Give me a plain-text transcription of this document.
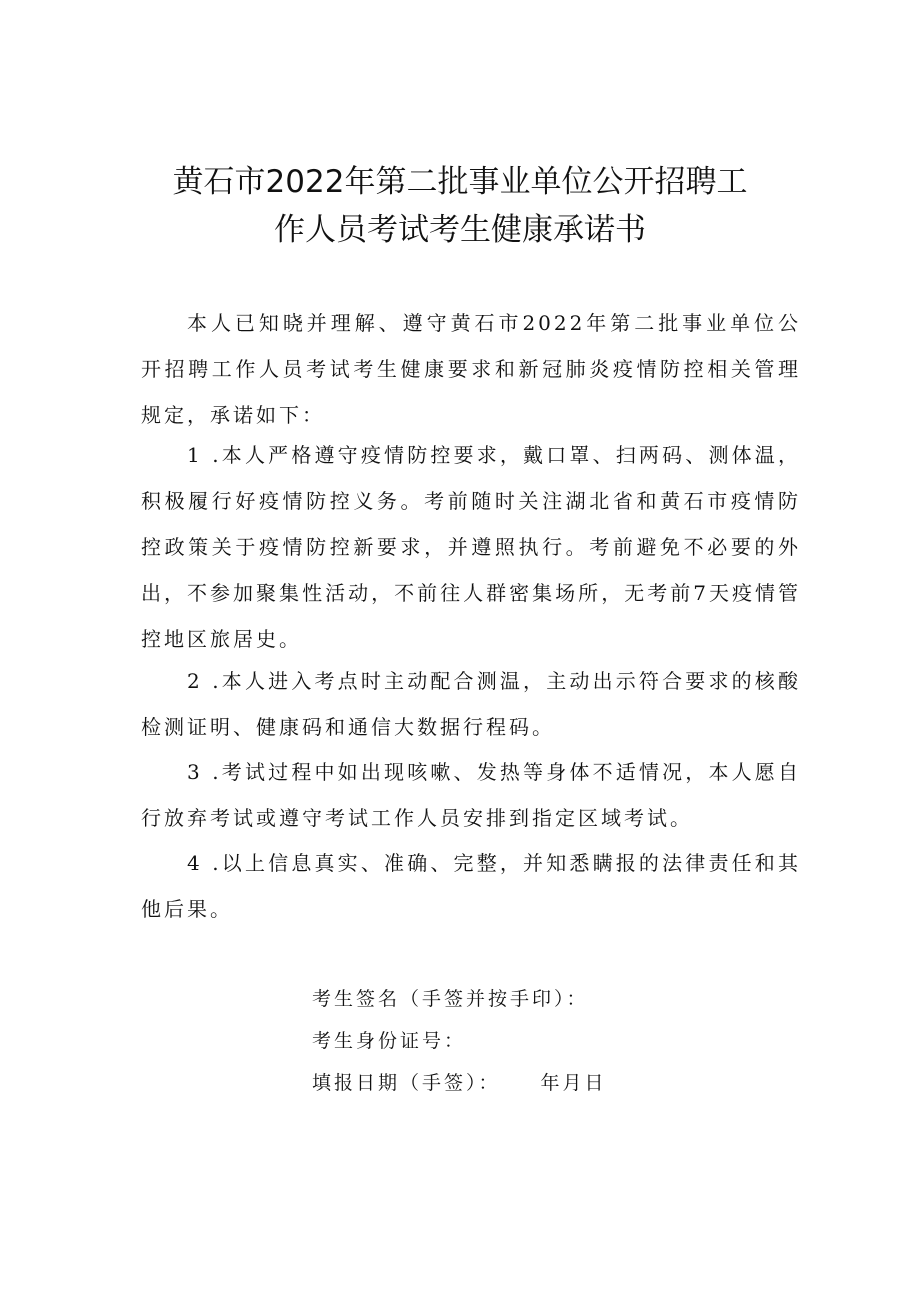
黄石市2022年第二批事业单位公开招聘工
作人员考试考生健康承诺书

本人已知晓并理解、遵守黄石市2022年第二批事业单位公开招聘工作人员考试考生健康要求和新冠肺炎疫情防控相关管理规定，承诺如下：

1 .本人严格遵守疫情防控要求，戴口罩、扫两码、测体温，积极履行好疫情防控义务。考前随时关注湖北省和黄石市疫情防控政策关于疫情防控新要求，并遵照执行。考前避免不必要的外出，不参加聚集性活动，不前往人群密集场所，无考前7天疫情管控地区旅居史。

2 .本人进入考点时主动配合测温，主动出示符合要求的核酸检测证明、健康码和通信大数据行程码。

3 .考试过程中如出现咳嗽、发热等身体不适情况，本人愿自行放弃考试或遵守考试工作人员安排到指定区域考试。

4 .以上信息真实、准确、完整，并知悉瞒报的法律责任和其他后果。

考生签名（手签并按手印）：
考生身份证号：
填报日期（手签）： 年月日
